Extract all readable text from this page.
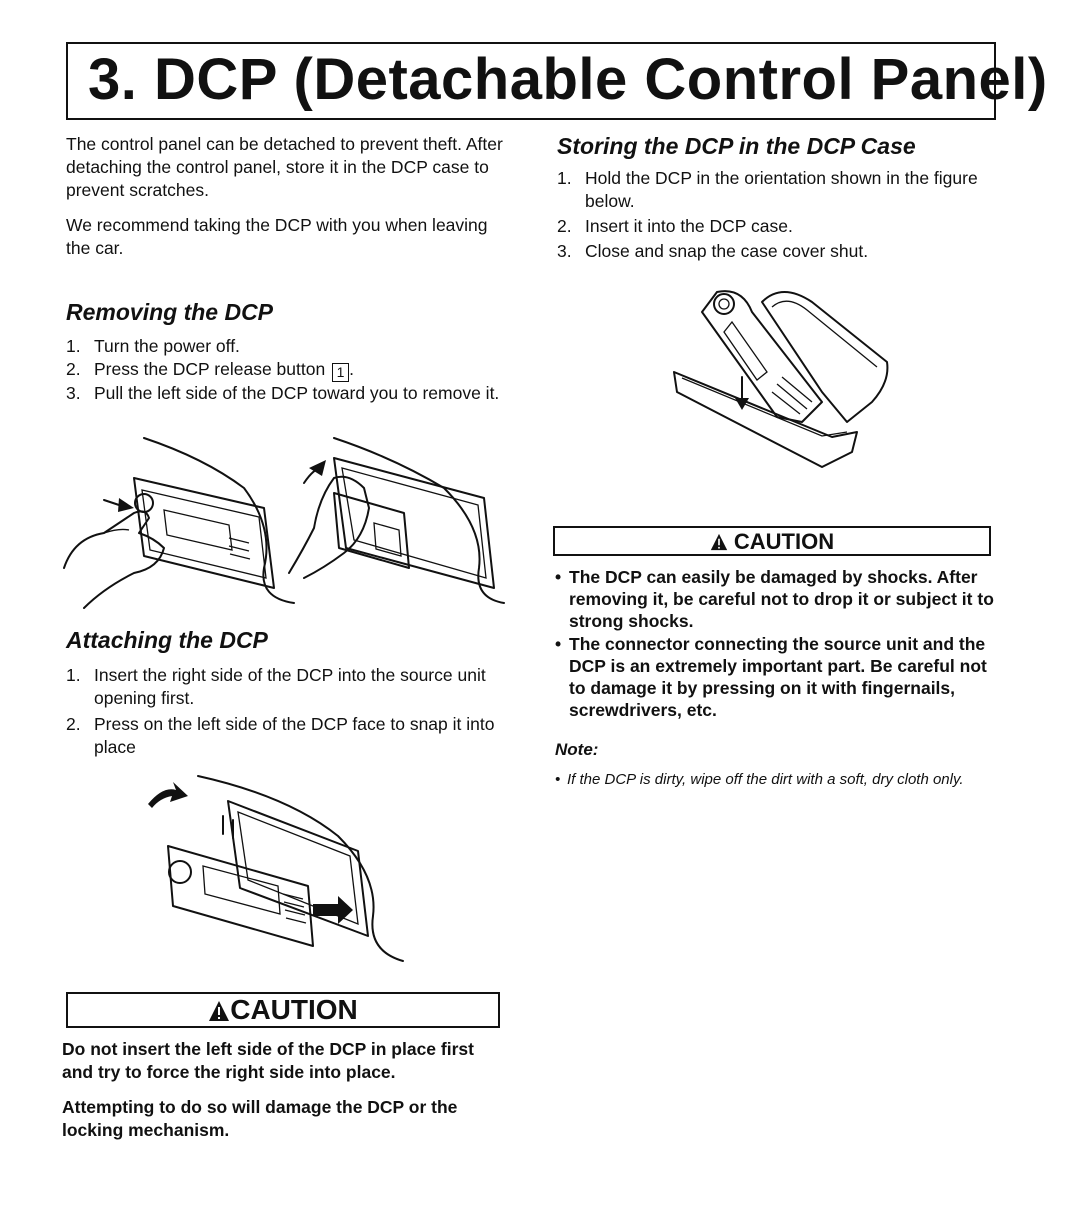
3. DCP (Detachable Control Panel)

The control panel can be detached to prevent theft. After detaching the control panel, store it in the DCP case to prevent scratches.

We recommend taking the DCP with you when leaving the car.

Removing the DCP
1. Turn the power off.
2. Press the DCP release button 1 .
3. Pull the left side of the DCP toward you to remove it.
Attaching the DCP
1. Insert the right side of the DCP into the source unit opening first.
2. Press on the left side of the DCP face to snap it into place
CAUTION

Do not insert the left side of the DCP in place first and try to force the right side into place.

Attempting to do so will damage the DCP or the locking mechanism.

Storing the DCP in the DCP Case
1. Hold the DCP in the orientation shown in the figure below.
2. Insert it into the DCP case.
3. Close and snap the case cover shut.
CAUTION
• The DCP can easily be damaged by shocks. After removing it, be careful not to drop it or subject it to strong shocks.
• The connector connecting the source unit and the DCP is an extremely important part. Be careful not to damage it by pressing on it with fingernails, screwdrivers, etc.

Note:

• If the DCP is dirty, wipe off the dirt with a soft, dry cloth only.
